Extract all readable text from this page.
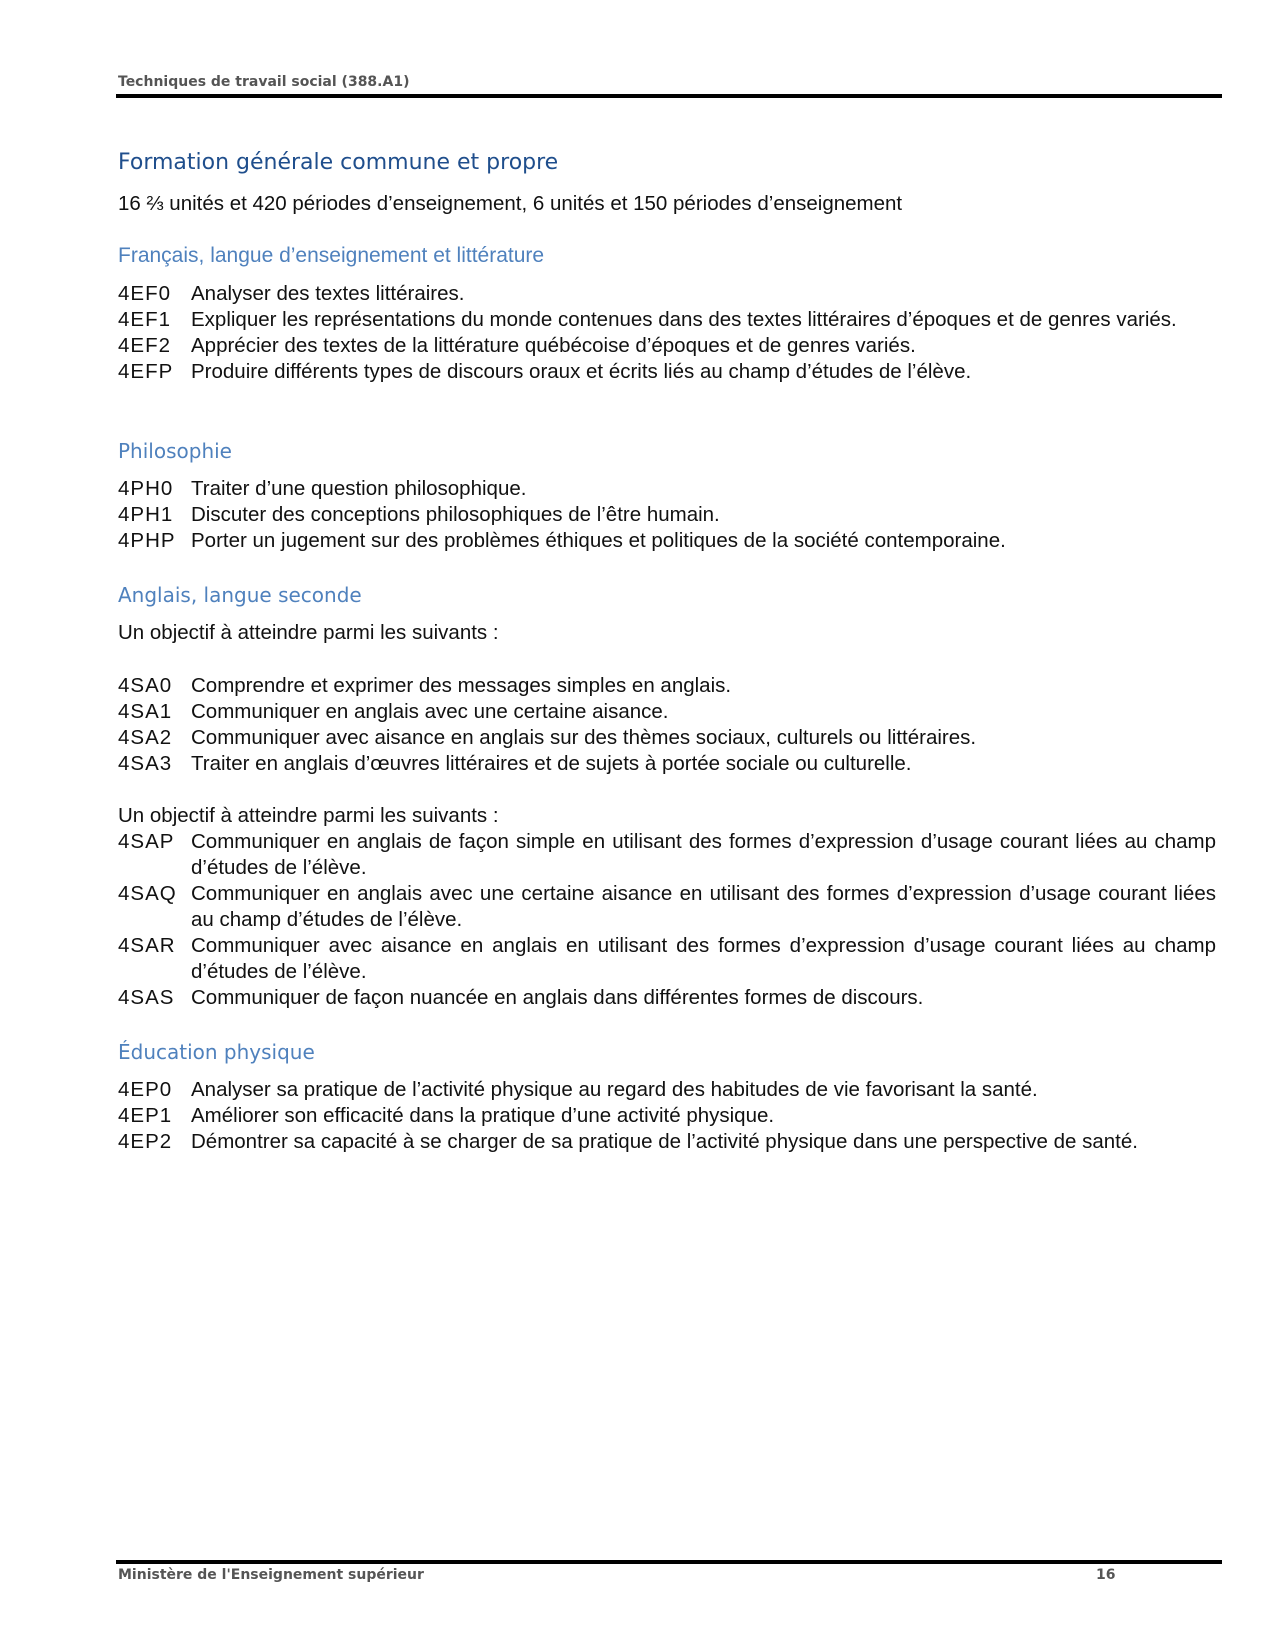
Techniques de travail social (388.A1)
Formation générale commune et propre
16 ⅔ unités et 420 périodes d’enseignement, 6 unités et 150 périodes d’enseignement
Français, langue d’enseignement et littérature
4EF0 Analyser des textes littéraires.
4EF1 Expliquer les représentations du monde contenues dans des textes littéraires d’époques et de genres variés.
4EF2 Apprécier des textes de la littérature québécoise d’époques et de genres variés.
4EFP Produire différents types de discours oraux et écrits liés au champ d’études de l’élève.
Philosophie
4PH0 Traiter d’une question philosophique.
4PH1 Discuter des conceptions philosophiques de l’être humain.
4PHP Porter un jugement sur des problèmes éthiques et politiques de la société contemporaine.
Anglais, langue seconde
Un objectif à atteindre parmi les suivants :
4SA0 Comprendre et exprimer des messages simples en anglais.
4SA1 Communiquer en anglais avec une certaine aisance.
4SA2 Communiquer avec aisance en anglais sur des thèmes sociaux, culturels ou littéraires.
4SA3 Traiter en anglais d’œuvres littéraires et de sujets à portée sociale ou culturelle.
Un objectif à atteindre parmi les suivants :
4SAP Communiquer en anglais de façon simple en utilisant des formes d’expression d’usage courant liées au champ d’études de l’élève.
4SAQ Communiquer en anglais avec une certaine aisance en utilisant des formes d’expression d’usage courant liées au champ d’études de l’élève.
4SAR Communiquer avec aisance en anglais en utilisant des formes d’expression d’usage courant liées au champ d’études de l’élève.
4SAS Communiquer de façon nuancée en anglais dans différentes formes de discours.
Éducation physique
4EP0 Analyser sa pratique de l’activité physique au regard des habitudes de vie favorisant la santé.
4EP1 Améliorer son efficacité dans la pratique d’une activité physique.
4EP2 Démontrer sa capacité à se charger de sa pratique de l’activité physique dans une perspective de santé.
Ministère de l'Enseignement supérieur	16
